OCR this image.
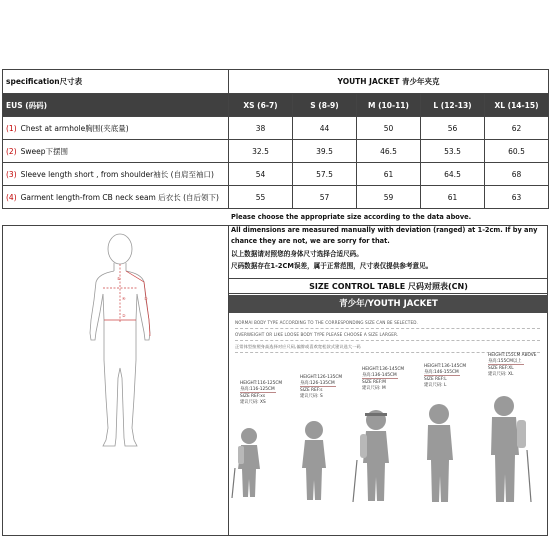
specification尺寸表	YOUTH JACKET 青少年夹克				
EUS (码码)	XS (6-7)	S (8-9)	M (10-11)	L (12-13)	XL (14-15)
(1) Chest at armhole胸围(夹底量)	38	44	50	56	62
(2) Sweep下摆围	32.5	39.5	46.5	53.5	60.5
(3) Sleeve length short , from shoulder袖长 (自肩至袖口)	54	57.5	61	64.5	68
(4) Garment length-from CB neck seam 后衣长 (自后领下)	55	57	59	61	63
①
②
③
④
Please choose the appropriate size according to the data above.
All dimensions are measured manually with deviation (ranged) at 1-2cm. If by any
chance they are not, we are sorry for that.
以上数据请对照您的身体尺寸选择合适尺码。
尺码数据存在1-2CM误差，属于正常范围，尺寸表仅提供参考意见。
SIZE CONTROL TABLE 尺码对照表(CN)
青少年/YOUTH JACKET
NORMAl BODY TYPE ACCORDING TO THE CORRESPONDING SIZE CAN BE SELECTED.
OVERWEIGHT OR LIKE LOOSE BODY TYPE PLEASE CHOOSE A SIZE LARGER.
正常体型按照身高选择对应尺码,偏胖或喜欢宽松款式建议选大一码
HEIGHT:116-125CM
身高:116-125CM
SIZE REF:xs
建议尺码: XS
HEIGHT:126-135CM
身高:126-135CM
SIZE REF:s
建议尺码: S
HEIGHT:136-145CM
身高:136-145CM
SIZE REF:M
建议尺码: M
HEIGHT:136-145CM
身高:146-155CM
SIZE REF:L
建议尺码: L
HEIGHT:155CM ABOVE
身高:155CM以上
SIZE REF:XL
建议尺码: XL
